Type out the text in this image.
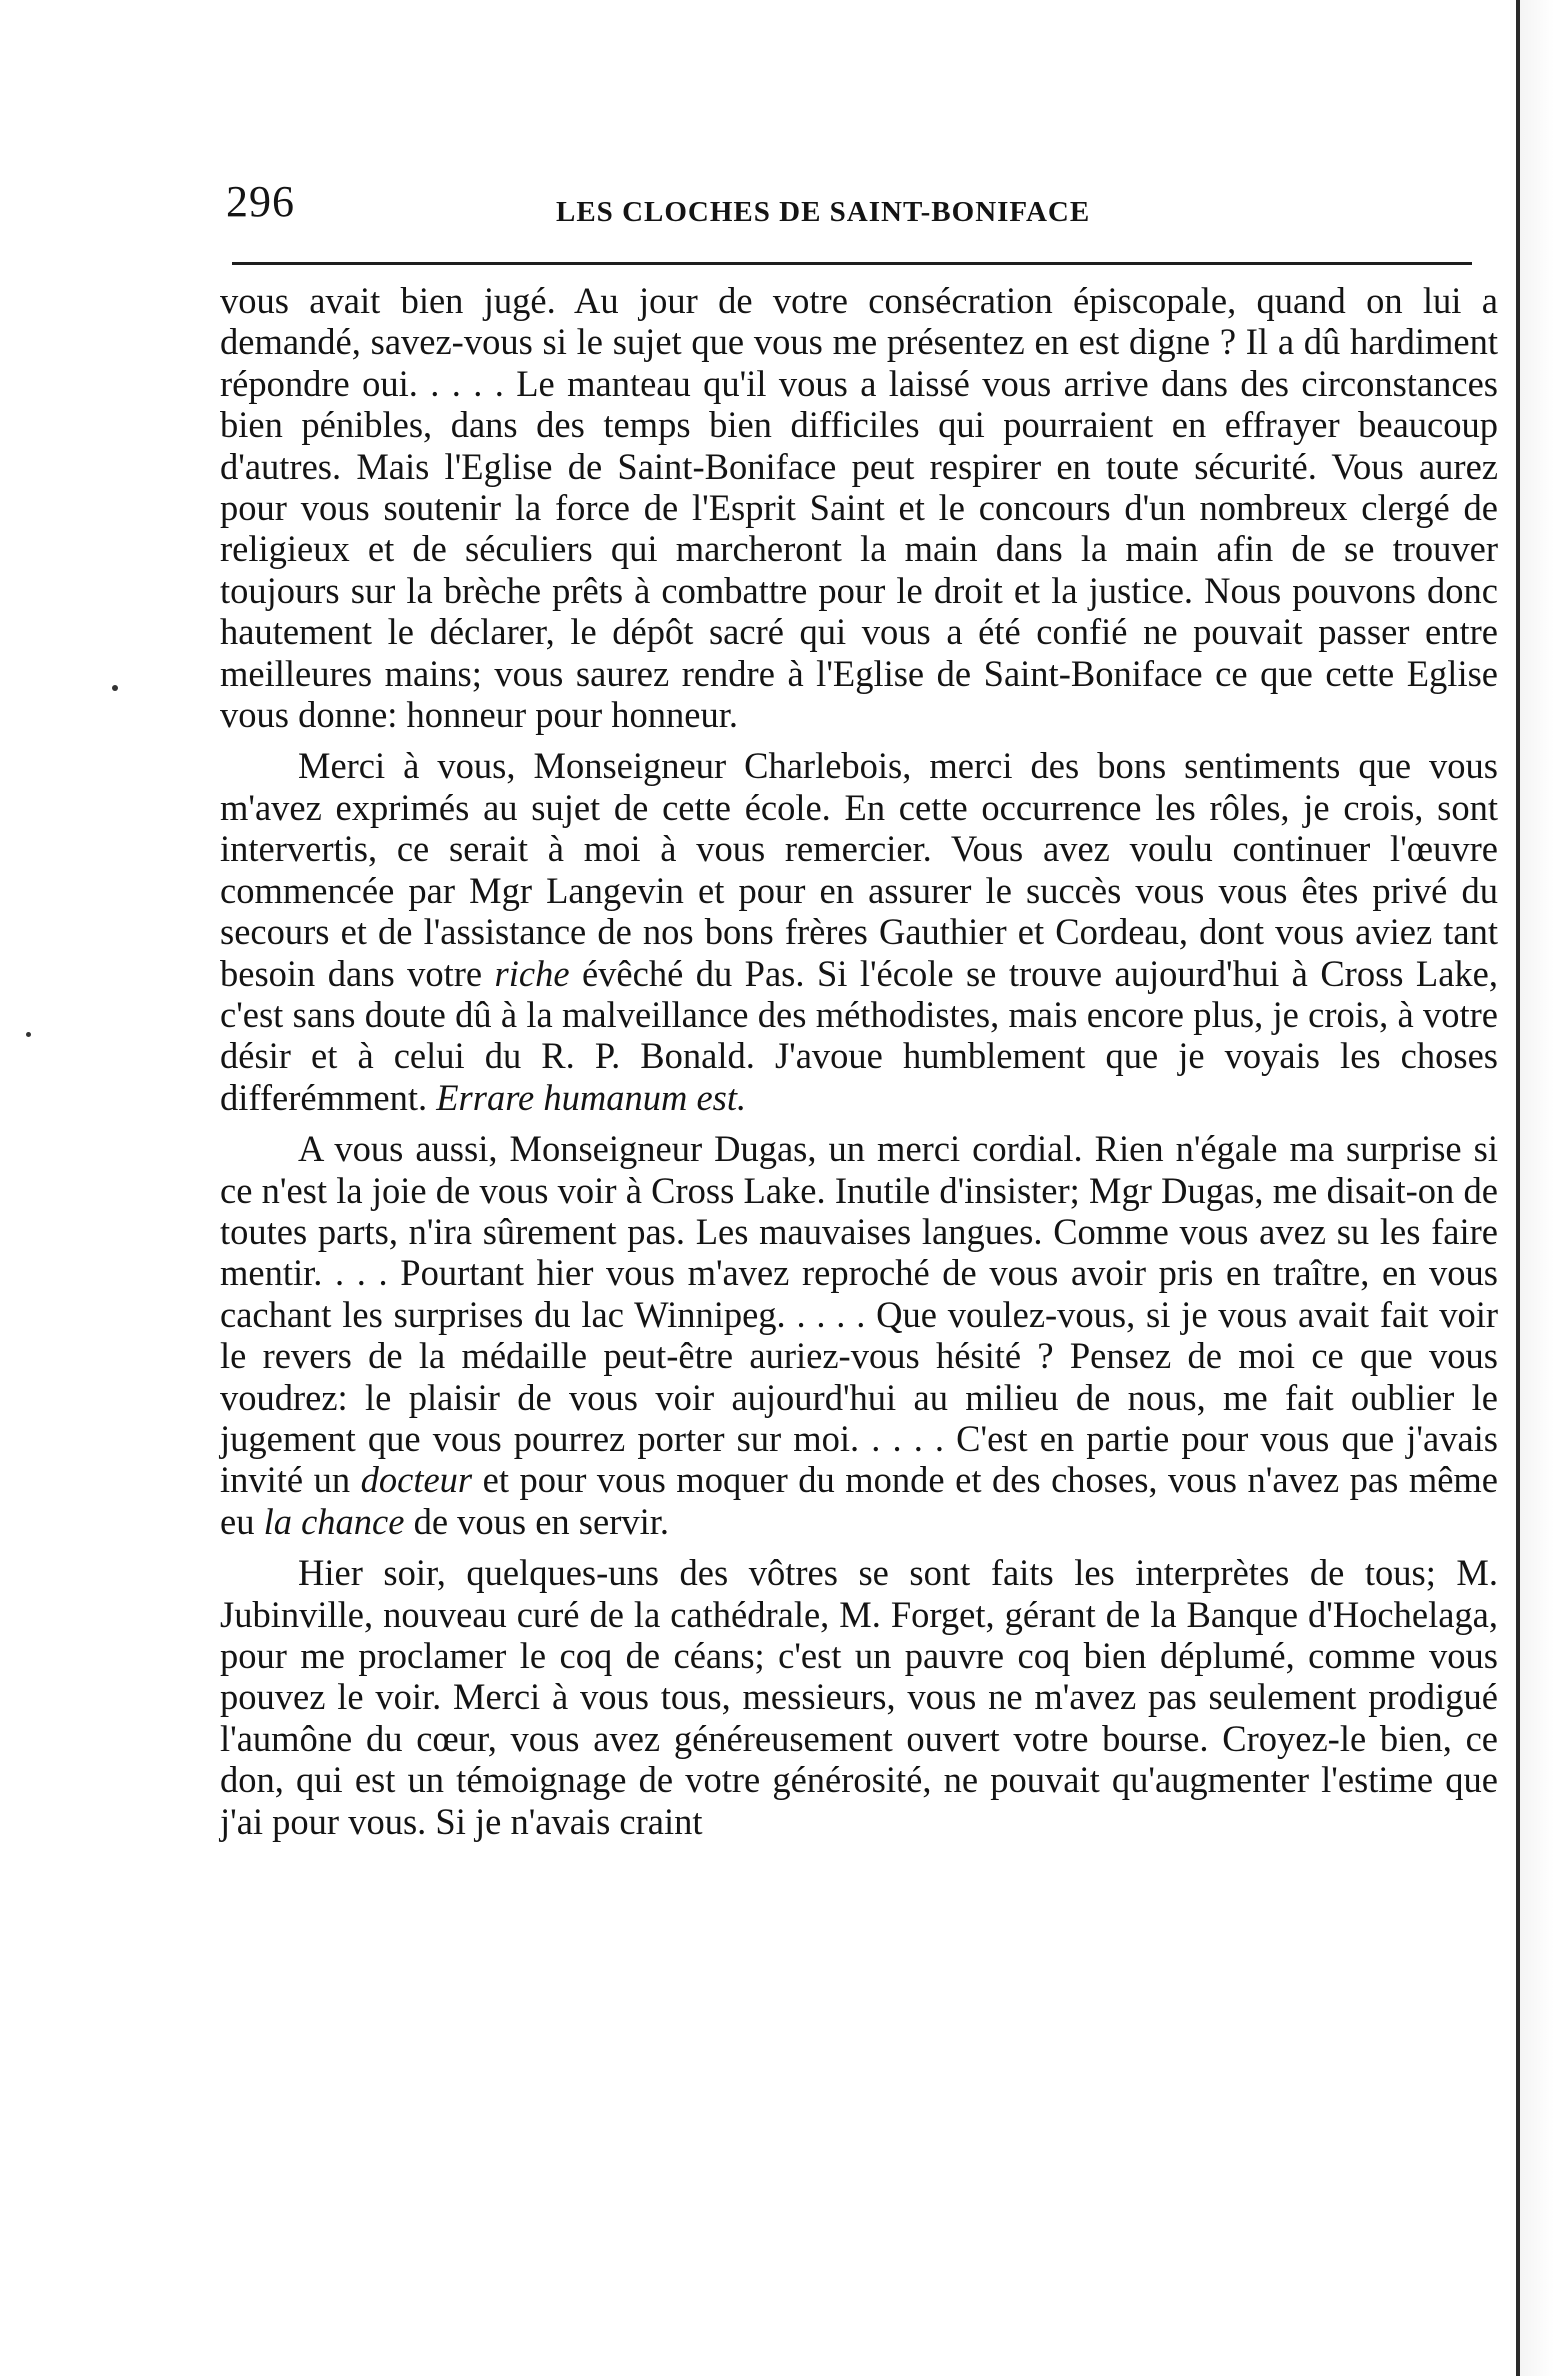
296	LES CLOCHES DE SAINT-BONIFACE

vous avait bien jugé. Au jour de votre consécration épiscopale, quand on lui a demandé, savez-vous si le sujet que vous me présentez en est digne ? Il a dû hardiment répondre oui. . . . . Le manteau qu'il vous a laissé vous arrive dans des circonstances bien pénibles, dans des temps bien difficiles qui pourraient en effrayer beaucoup d'autres. Mais l'Eglise de Saint-Boniface peut respirer en toute sécurité. Vous aurez pour vous soutenir la force de l'Esprit Saint et le concours d'un nombreux clergé de religieux et de séculiers qui marcheront la main dans la main afin de se trouver toujours sur la brèche prêts à combattre pour le droit et la justice. Nous pouvons donc hautement le déclarer, le dépôt sacré qui vous a été confié ne pouvait passer entre meilleures mains; vous saurez rendre à l'Eglise de Saint-Boniface ce que cette Eglise vous donne: honneur pour honneur.

Merci à vous, Monseigneur Charlebois, merci des bons sentiments que vous m'avez exprimés au sujet de cette école. En cette occurrence les rôles, je crois, sont intervertis, ce serait à moi à vous remercier. Vous avez voulu continuer l'œuvre commencée par Mgr Langevin et pour en assurer le succès vous vous êtes privé du secours et de l'assistance de nos bons frères Gauthier et Cordeau, dont vous aviez tant besoin dans votre riche évêché du Pas. Si l'école se trouve aujourd'hui à Cross Lake, c'est sans doute dû à la malveillance des méthodistes, mais encore plus, je crois, à votre désir et à celui du R. P. Bonald. J'avoue humblement que je voyais les choses differémment. Errare humanum est.

A vous aussi, Monseigneur Dugas, un merci cordial. Rien n'égale ma surprise si ce n'est la joie de vous voir à Cross Lake. Inutile d'insister; Mgr Dugas, me disait-on de toutes parts, n'ira sûrement pas. Les mauvaises langues. Comme vous avez su les faire mentir. . . . Pourtant hier vous m'avez reproché de vous avoir pris en traître, en vous cachant les surprises du lac Winnipeg. . . . . Que voulez-vous, si je vous avait fait voir le revers de la médaille peut-être auriez-vous hésité ? Pensez de moi ce que vous voudrez: le plaisir de vous voir aujourd'hui au milieu de nous, me fait oublier le jugement que vous pourrez porter sur moi. . . . . C'est en partie pour vous que j'avais invité un docteur et pour vous moquer du monde et des choses, vous n'avez pas même eu la chance de vous en servir.

Hier soir, quelques-uns des vôtres se sont faits les interprètes de tous; M. Jubinville, nouveau curé de la cathédrale, M. Forget, gérant de la Banque d'Hochelaga, pour me proclamer le coq de céans; c'est un pauvre coq bien déplumé, comme vous pouvez le voir. Merci à vous tous, messieurs, vous ne m'avez pas seulement prodigué l'aumône du cœur, vous avez généreusement ouvert votre bourse. Croyez-le bien, ce don, qui est un témoignage de votre générosité, ne pouvait qu'augmenter l'estime que j'ai pour vous. Si je n'avais craint
